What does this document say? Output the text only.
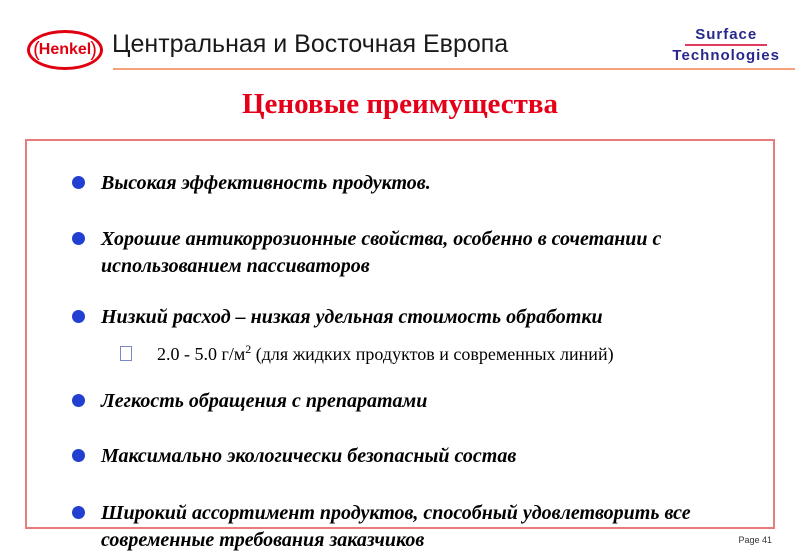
( Henkel ) Центральная и Восточная Европа	Surface
Technologies
Ценовые преимущества
Высокая эффективность продуктов.
Хорошие антикоррозионные свойства, особенно в сочетании с
использованием пассиваторов
Низкий расход – низкая удельная стоимость обработки
2.0 - 5.0 $г/м^2$ (для жидких продуктов и современных линий)
Легкость обращения с препаратами
Максимально экологически безопасный состав
Широкий ассортимент продуктов, способный удовлетворить все
современные требования заказчиков	Page 41
